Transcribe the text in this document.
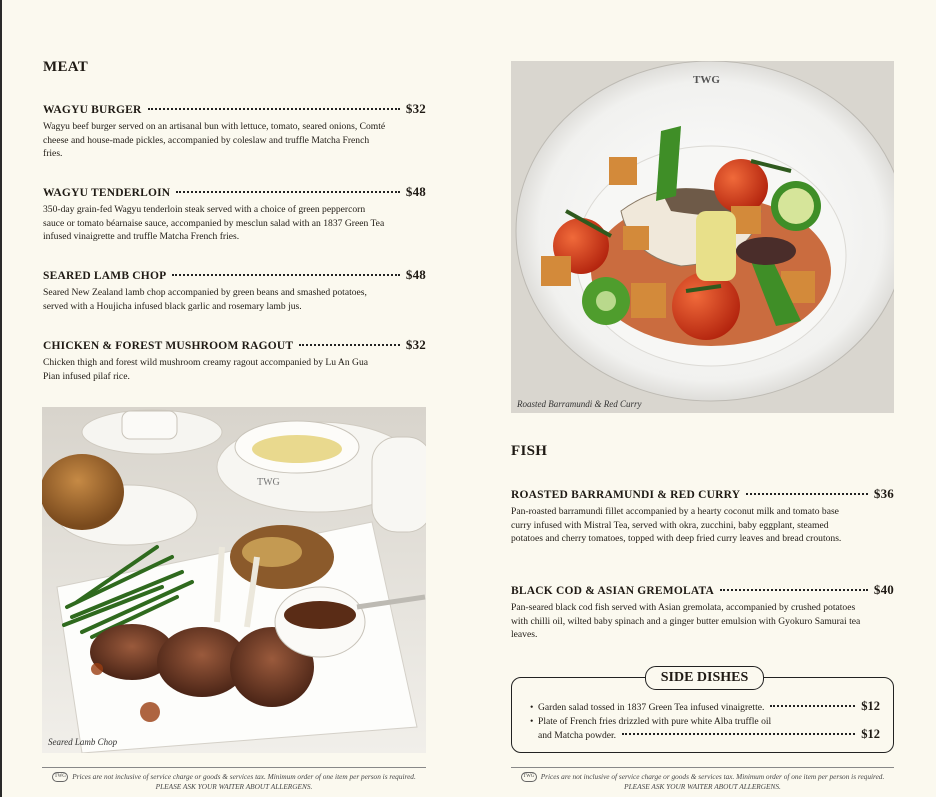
MEAT
WAGYU BURGER	$32
Wagyu beef burger served on an artisanal bun with lettuce, tomato, seared onions, Comté cheese and house-made pickles, accompanied by coleslaw and truffle Matcha French fries.
WAGYU TENDERLOIN	$48
350-day grain-fed Wagyu tenderloin steak served with a choice of green peppercorn sauce or tomato béarnaise sauce, accompanied by mesclun salad with an 1837 Green Tea infused vinaigrette and truffle Matcha French fries.
SEARED LAMB CHOP	$48
Seared New Zealand lamb chop accompanied by green beans and smashed potatoes, served with a Houjicha infused black garlic and rosemary lamb jus.
CHICKEN & FOREST MUSHROOM RAGOUT	$32
Chicken thigh and forest wild mushroom creamy ragout accompanied by Lu An Gua Pian infused pilaf rice.
TWG
Seared Lamb Chop
TWG
Roasted Barramundi & Red Curry
FISH
ROASTED BARRAMUNDI & RED CURRY	$36
Pan-roasted barramundi fillet accompanied by a hearty coconut milk and tomato base curry infused with Mistral Tea, served with okra, zucchini, baby eggplant, steamed potatoes and cherry tomatoes, topped with deep fried curry leaves and bread croutons.
BLACK COD & ASIAN GREMOLATA	$40
Pan-seared black cod fish served with Asian gremolata, accompanied by crushed potatoes with chilli oil, wilted baby spinach and a ginger butter emulsion with Gyokuro Samurai tea leaves.
SIDE DISHES
• Garden salad tossed in 1837 Green Tea infused vinaigrette.	$12
• Plate of French fries drizzled with pure white Alba truffle oil
and Matcha powder.	$12
TWG Prices are not inclusive of service charge or goods & services tax. Minimum order of one item per person is required.
PLEASE ASK YOUR WAITER ABOUT ALLERGENS.
TWG Prices are not inclusive of service charge or goods & services tax. Minimum order of one item per person is required.
PLEASE ASK YOUR WAITER ABOUT ALLERGENS.
